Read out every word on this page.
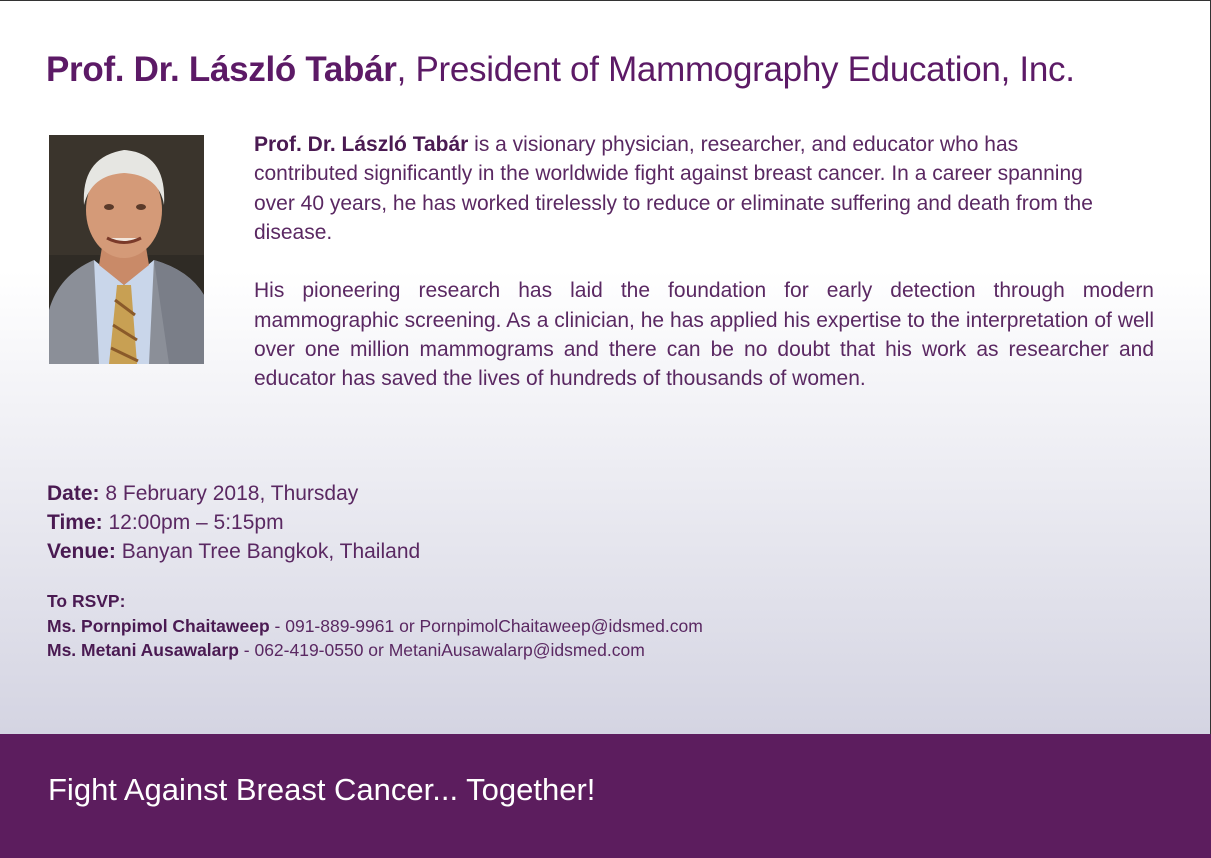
Prof. Dr. László Tabár, President of Mammography Education, Inc.

Prof. Dr. László Tabár is a visionary physician, researcher, and educator who has contributed significantly in the worldwide fight against breast cancer. In a career spanning over 40 years, he has worked tirelessly to reduce or eliminate suffering and death from the disease.

His pioneering research has laid the foundation for early detection through modern mammographic screening. As a clinician, he has applied his expertise to the interpretation of well over one million mammograms and there can be no doubt that his work as researcher and educator has saved the lives of hundreds of thousands of women.

Date: 8 February 2018, Thursday
Time: 12:00pm – 5:15pm
Venue: Banyan Tree Bangkok, Thailand
To RSVP:
Ms. Pornpimol Chaitaweep - 091-889-9961 or PornpimolChaitaweep@idsmed.com
Ms. Metani Ausawalarp - 062-419-0550 or MetaniAusawalarp@idsmed.com
Fight Against Breast Cancer... Together!
